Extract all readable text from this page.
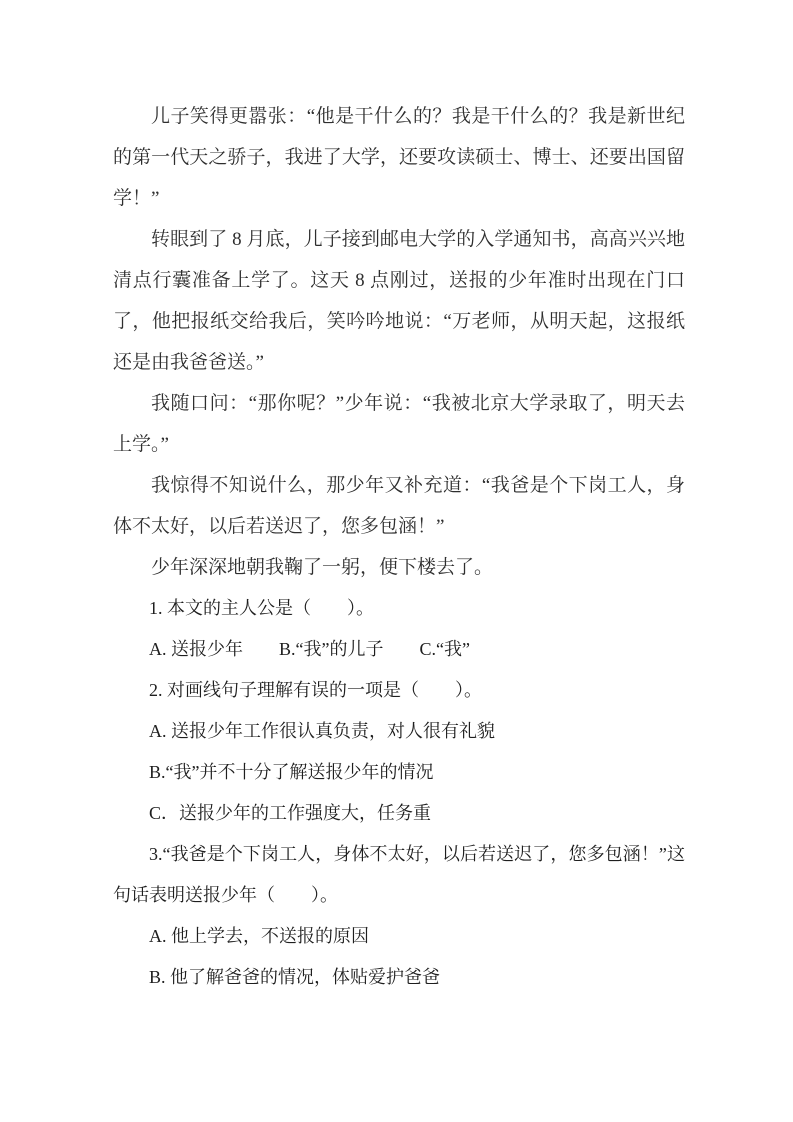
儿子笑得更嚣张：“他是干什么的？我是干什么的？我是新世纪的第一代天之骄子，我进了大学，还要攻读硕士、博士、还要出国留学！”

转眼到了 8 月底，儿子接到邮电大学的入学通知书，高高兴兴地清点行囊准备上学了。这天 8 点刚过，送报的少年准时出现在门口了，他把报纸交给我后，笑吟吟地说：“万老师，从明天起，这报纸还是由我爸爸送。”

我随口问：“那你呢？”少年说：“我被北京大学录取了，明天去上学。”

我惊得不知说什么，那少年又补充道：“我爸是个下岗工人，身体不太好，以后若送迟了，您多包涵！”

少年深深地朝我鞠了一躬，便下楼去了。

1. 本文的主人公是（　　）。

A. 送报少年　　B.“我”的儿子　　C.“我”

2. 对画线句子理解有误的一项是（　　）。

A. 送报少年工作很认真负责，对人很有礼貌

B.“我”并不十分了解送报少年的情况

C．送报少年的工作强度大，任务重

3.“我爸是个下岗工人，身体不太好，以后若送迟了，您多包涵！”这句话表明送报少年（　　）。

A. 他上学去，不送报的原因

B. 他了解爸爸的情况，体贴爱护爸爸
